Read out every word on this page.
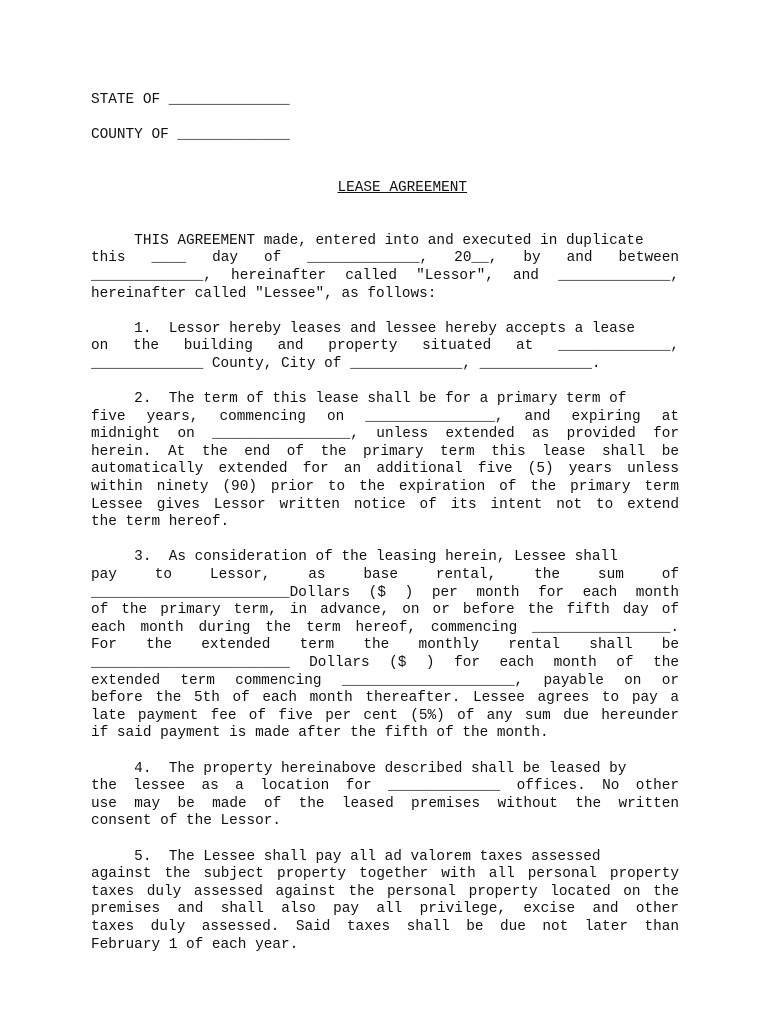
STATE OF ______________
COUNTY OF _____________

LEASE AGREEMENT

THIS AGREEMENT made, entered into and executed in duplicate
this ____ day of _____________, 20__, by and between
_____________, hereinafter called "Lessor", and _____________,
hereinafter called "Lessee", as follows:
1.  Lessor hereby leases and lessee hereby accepts a lease
on the building and property situated at _____________,
_____________ County, City of _____________, _____________.
2.  The term of this lease shall be for a primary term of
five years, commencing on _______________, and expiring at
midnight on ________________, unless extended as provided for
herein. At the end of the primary term this lease shall be
automatically extended for an additional five (5) years unless
within ninety (90) prior to the expiration of the primary term
Lessee gives Lessor written notice of its intent not to extend
the term hereof.
3.  As consideration of the leasing herein, Lessee shall
pay to Lessor, as base rental, the sum of
_______________________Dollars ($ ) per month for each month
of the primary term, in advance, on or before the fifth day of
each month during the term hereof, commencing ________________.
For the extended term the monthly rental shall be
_______________________ Dollars ($ ) for each month of the
extended term commencing ____________________, payable on or
before the 5th of each month thereafter. Lessee agrees to pay a
late payment fee of five per cent (5%) of any sum due hereunder
if said payment is made after the fifth of the month.
4.  The property hereinabove described shall be leased by
the lessee as a location for _____________ offices. No other
use may be made of the leased premises without the written
consent of the Lessor.
5.  The Lessee shall pay all ad valorem taxes assessed
against the subject property together with all personal property
taxes duly assessed against the personal property located on the
premises and shall also pay all privilege, excise and other
taxes duly assessed. Said taxes shall be due not later than
February 1 of each year.
